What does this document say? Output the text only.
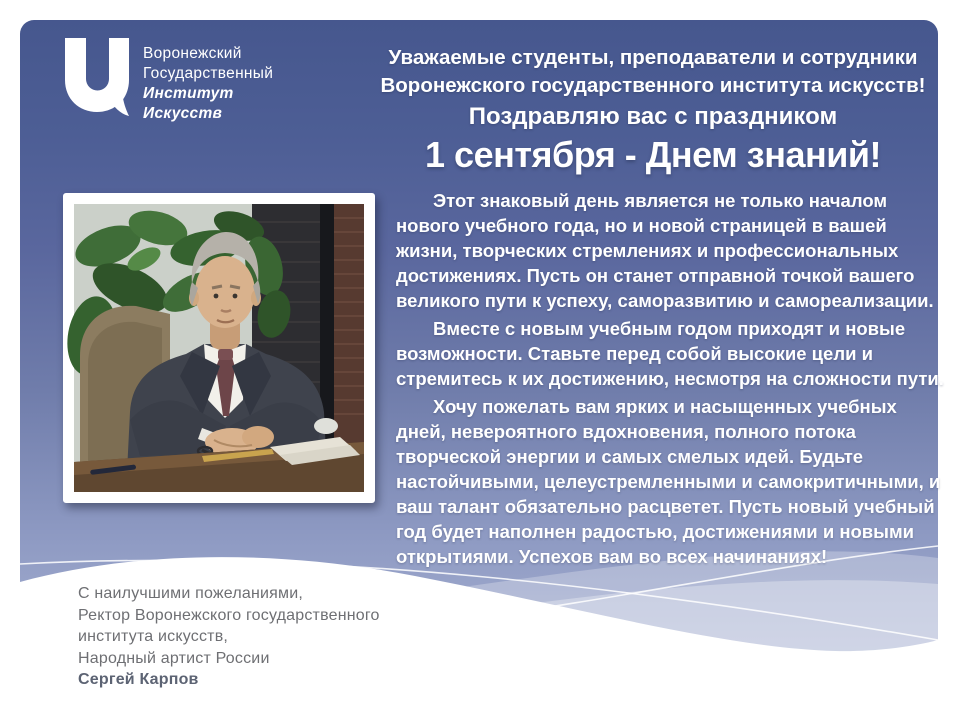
Воронежский
Государственный
Институт
Искусств
Уважаемые студенты, преподаватели и сотрудники
Воронежского государственного института искусств!
Поздравляю вас с праздником
1 сентября - Днем знаний!

Этот знаковый день является не только началом нового учебного года, но и новой страницей в вашей жизни, творческих стремлениях и профессиональных достижениях. Пусть он станет отправной точкой вашего великого пути к успеху, саморазвитию и самореализации.

Вместе с новым учебным годом приходят и новые возможности. Ставьте перед собой высокие цели и стремитесь к их достижению, несмотря на сложности пути.

Хочу пожелать вам ярких и насыщенных учебных дней, невероятного вдохновения, полного потока творческой энергии и самых смелых идей. Будьте настойчивыми, целеустремленными и самокритичными, и ваш талант обязательно расцветет. Пусть новый учебный год будет наполнен радостью, достижениями и новыми открытиями. Успехов вам во всех начинаниях!

С наилучшими пожеланиями,
Ректор Воронежского государственного
института искусств,
Народный артист России
Сергей Карпов
